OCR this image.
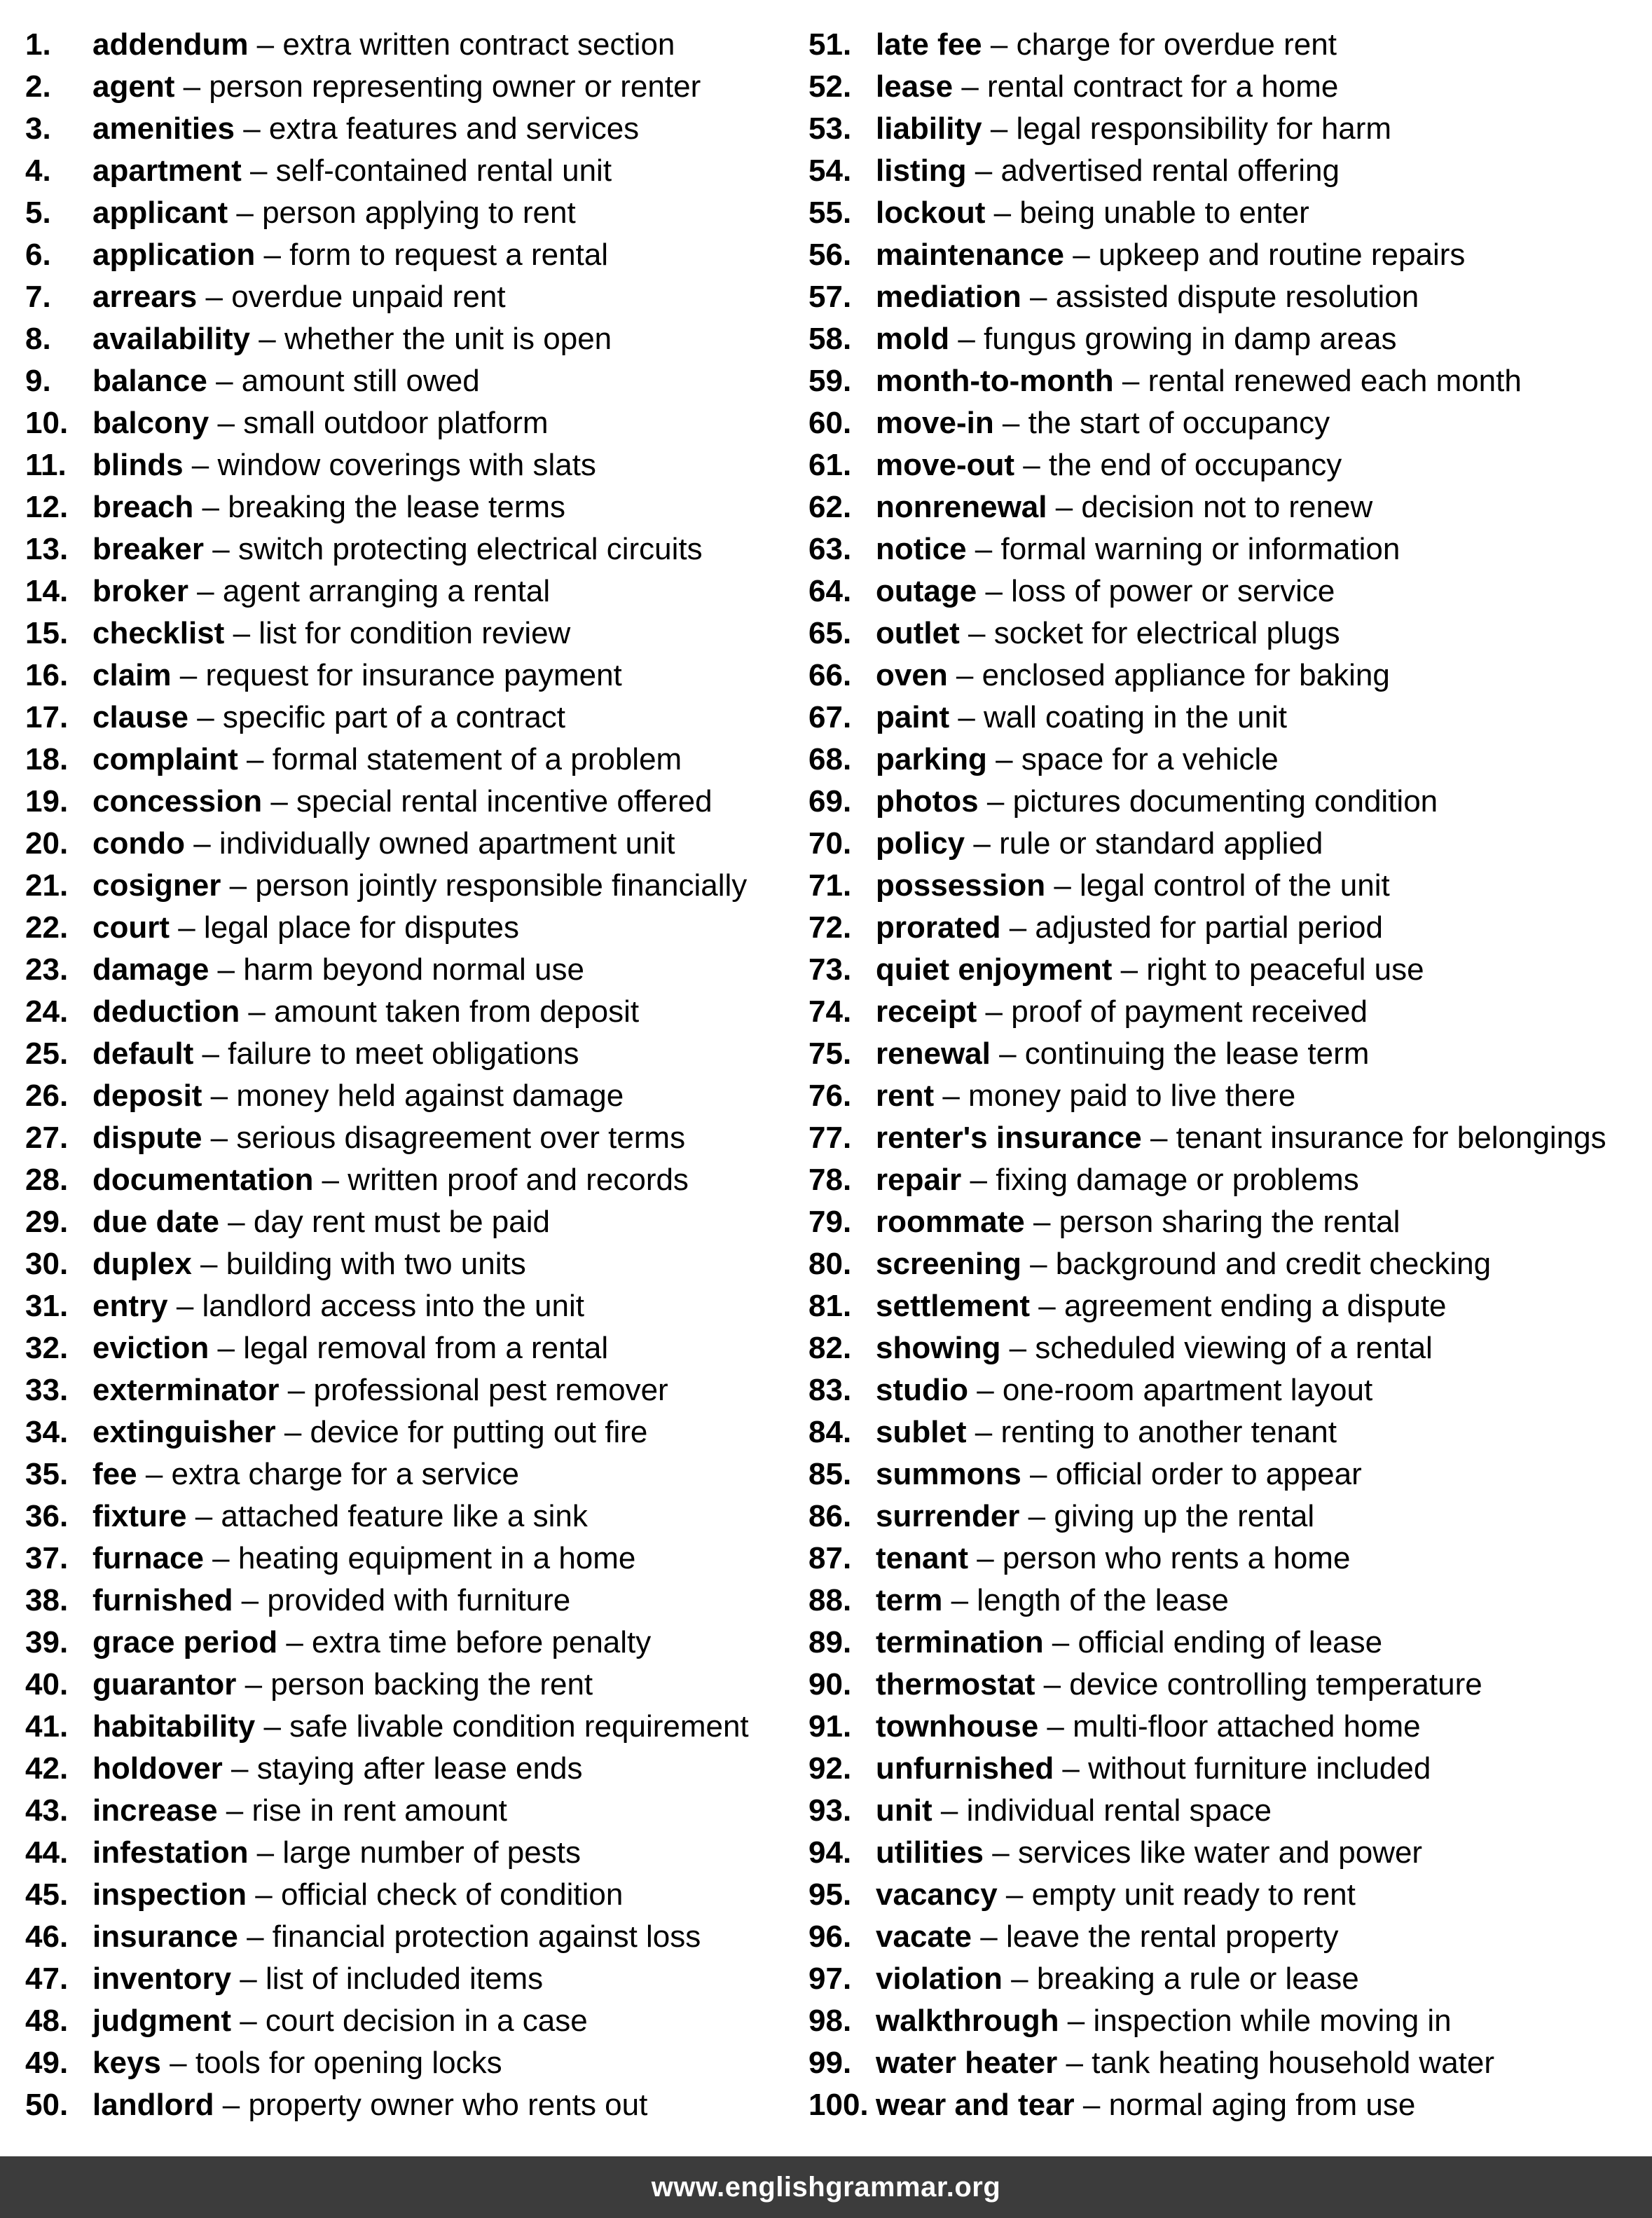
1. addendum – extra written contract section
2. agent – person representing owner or renter
3. amenities – extra features and services
4. apartment – self-contained rental unit
5. applicant – person applying to rent
6. application – form to request a rental
7. arrears – overdue unpaid rent
8. availability – whether the unit is open
9. balance – amount still owed
10. balcony – small outdoor platform
11. blinds – window coverings with slats
12. breach – breaking the lease terms
13. breaker – switch protecting electrical circuits
14. broker – agent arranging a rental
15. checklist – list for condition review
16. claim – request for insurance payment
17. clause – specific part of a contract
18. complaint – formal statement of a problem
19. concession – special rental incentive offered
20. condo – individually owned apartment unit
21. cosigner – person jointly responsible financially
22. court – legal place for disputes
23. damage – harm beyond normal use
24. deduction – amount taken from deposit
25. default – failure to meet obligations
26. deposit – money held against damage
27. dispute – serious disagreement over terms
28. documentation – written proof and records
29. due date – day rent must be paid
30. duplex – building with two units
31. entry – landlord access into the unit
32. eviction – legal removal from a rental
33. exterminator – professional pest remover
34. extinguisher – device for putting out fire
35. fee – extra charge for a service
36. fixture – attached feature like a sink
37. furnace – heating equipment in a home
38. furnished – provided with furniture
39. grace period – extra time before penalty
40. guarantor – person backing the rent
41. habitability – safe livable condition requirement
42. holdover – staying after lease ends
43. increase – rise in rent amount
44. infestation – large number of pests
45. inspection – official check of condition
46. insurance – financial protection against loss
47. inventory – list of included items
48. judgment – court decision in a case
49. keys – tools for opening locks
50. landlord – property owner who rents out
51. late fee – charge for overdue rent
52. lease – rental contract for a home
53. liability – legal responsibility for harm
54. listing – advertised rental offering
55. lockout – being unable to enter
56. maintenance – upkeep and routine repairs
57. mediation – assisted dispute resolution
58. mold – fungus growing in damp areas
59. month-to-month – rental renewed each month
60. move-in – the start of occupancy
61. move-out – the end of occupancy
62. nonrenewal – decision not to renew
63. notice – formal warning or information
64. outage – loss of power or service
65. outlet – socket for electrical plugs
66. oven – enclosed appliance for baking
67. paint – wall coating in the unit
68. parking – space for a vehicle
69. photos – pictures documenting condition
70. policy – rule or standard applied
71. possession – legal control of the unit
72. prorated – adjusted for partial period
73. quiet enjoyment – right to peaceful use
74. receipt – proof of payment received
75. renewal – continuing the lease term
76. rent – money paid to live there
77. renter's insurance – tenant insurance for belongings
78. repair – fixing damage or problems
79. roommate – person sharing the rental
80. screening – background and credit checking
81. settlement – agreement ending a dispute
82. showing – scheduled viewing of a rental
83. studio – one-room apartment layout
84. sublet – renting to another tenant
85. summons – official order to appear
86. surrender – giving up the rental
87. tenant – person who rents a home
88. term – length of the lease
89. termination – official ending of lease
90. thermostat – device controlling temperature
91. townhouse – multi-floor attached home
92. unfurnished – without furniture included
93. unit – individual rental space
94. utilities – services like water and power
95. vacancy – empty unit ready to rent
96. vacate – leave the rental property
97. violation – breaking a rule or lease
98. walkthrough – inspection while moving in
99. water heater – tank heating household water
100. wear and tear – normal aging from use
www.englishgrammar.org
